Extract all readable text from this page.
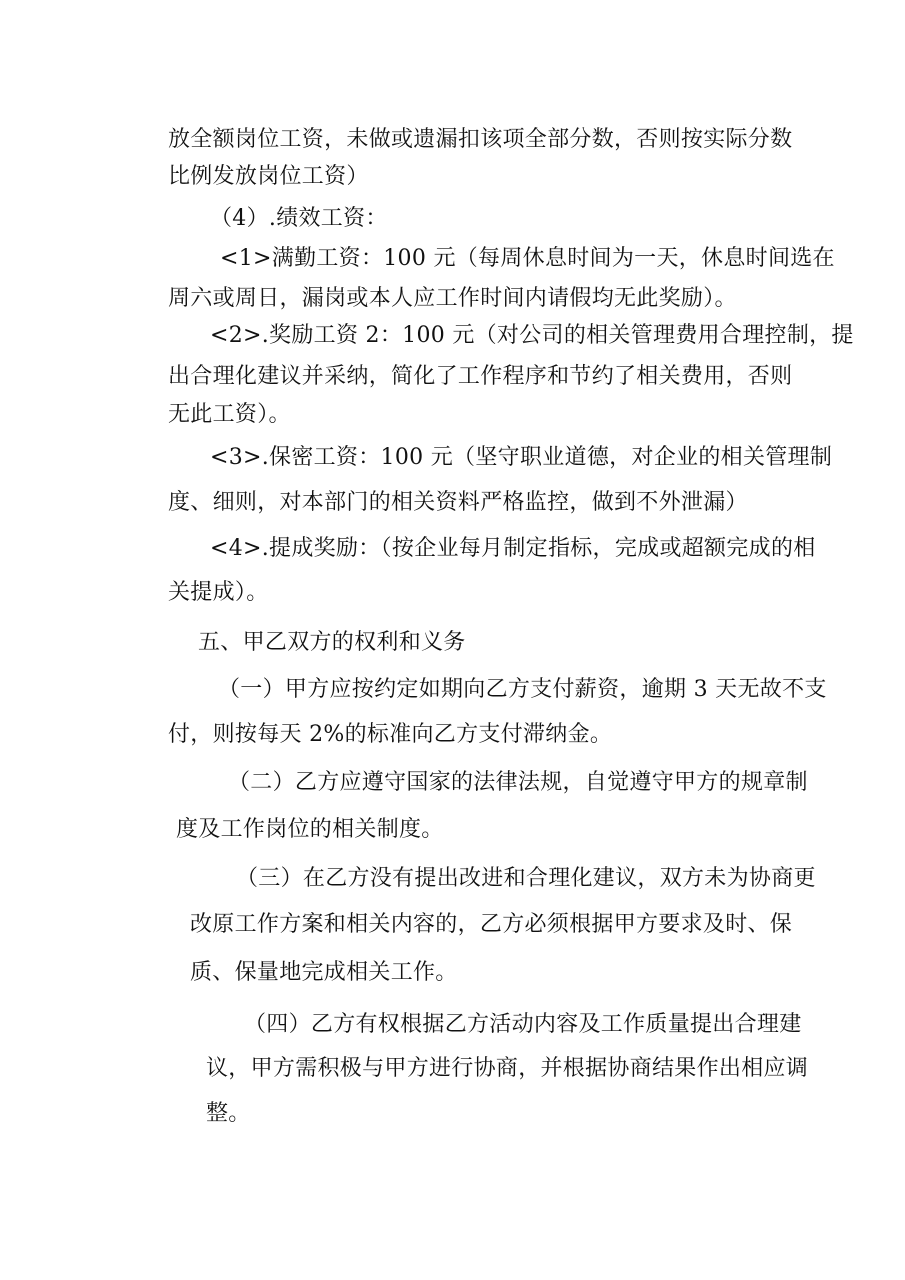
放全额岗位工资，未做或遗漏扣该项全部分数，否则按实际分数
比例发放岗位工资）
（4）.绩效工资：
<1>满勤工资：100 元（每周休息时间为一天，休息时间选在
周六或周日，漏岗或本人应工作时间内请假均无此奖励）。
<2>.奖励工资 2：100 元（对公司的相关管理费用合理控制，提
出合理化建议并采纳，简化了工作程序和节约了相关费用，否则
无此工资）。
<3>.保密工资：100 元（坚守职业道德，对企业的相关管理制
度、细则，对本部门的相关资料严格监控，做到不外泄漏）
<4>.提成奖励：（按企业每月制定指标，完成或超额完成的相
关提成）。
五、甲乙双方的权利和义务
（一）甲方应按约定如期向乙方支付薪资，逾期 3 天无故不支
付，则按每天 2%的标准向乙方支付滞纳金。
（二）乙方应遵守国家的法律法规，自觉遵守甲方的规章制
度及工作岗位的相关制度。
（三）在乙方没有提出改进和合理化建议，双方未为协商更
改原工作方案和相关内容的，乙方必须根据甲方要求及时、保
质、保量地完成相关工作。
（四）乙方有权根据乙方活动内容及工作质量提出合理建
议，甲方需积极与甲方进行协商，并根据协商结果作出相应调
整。
